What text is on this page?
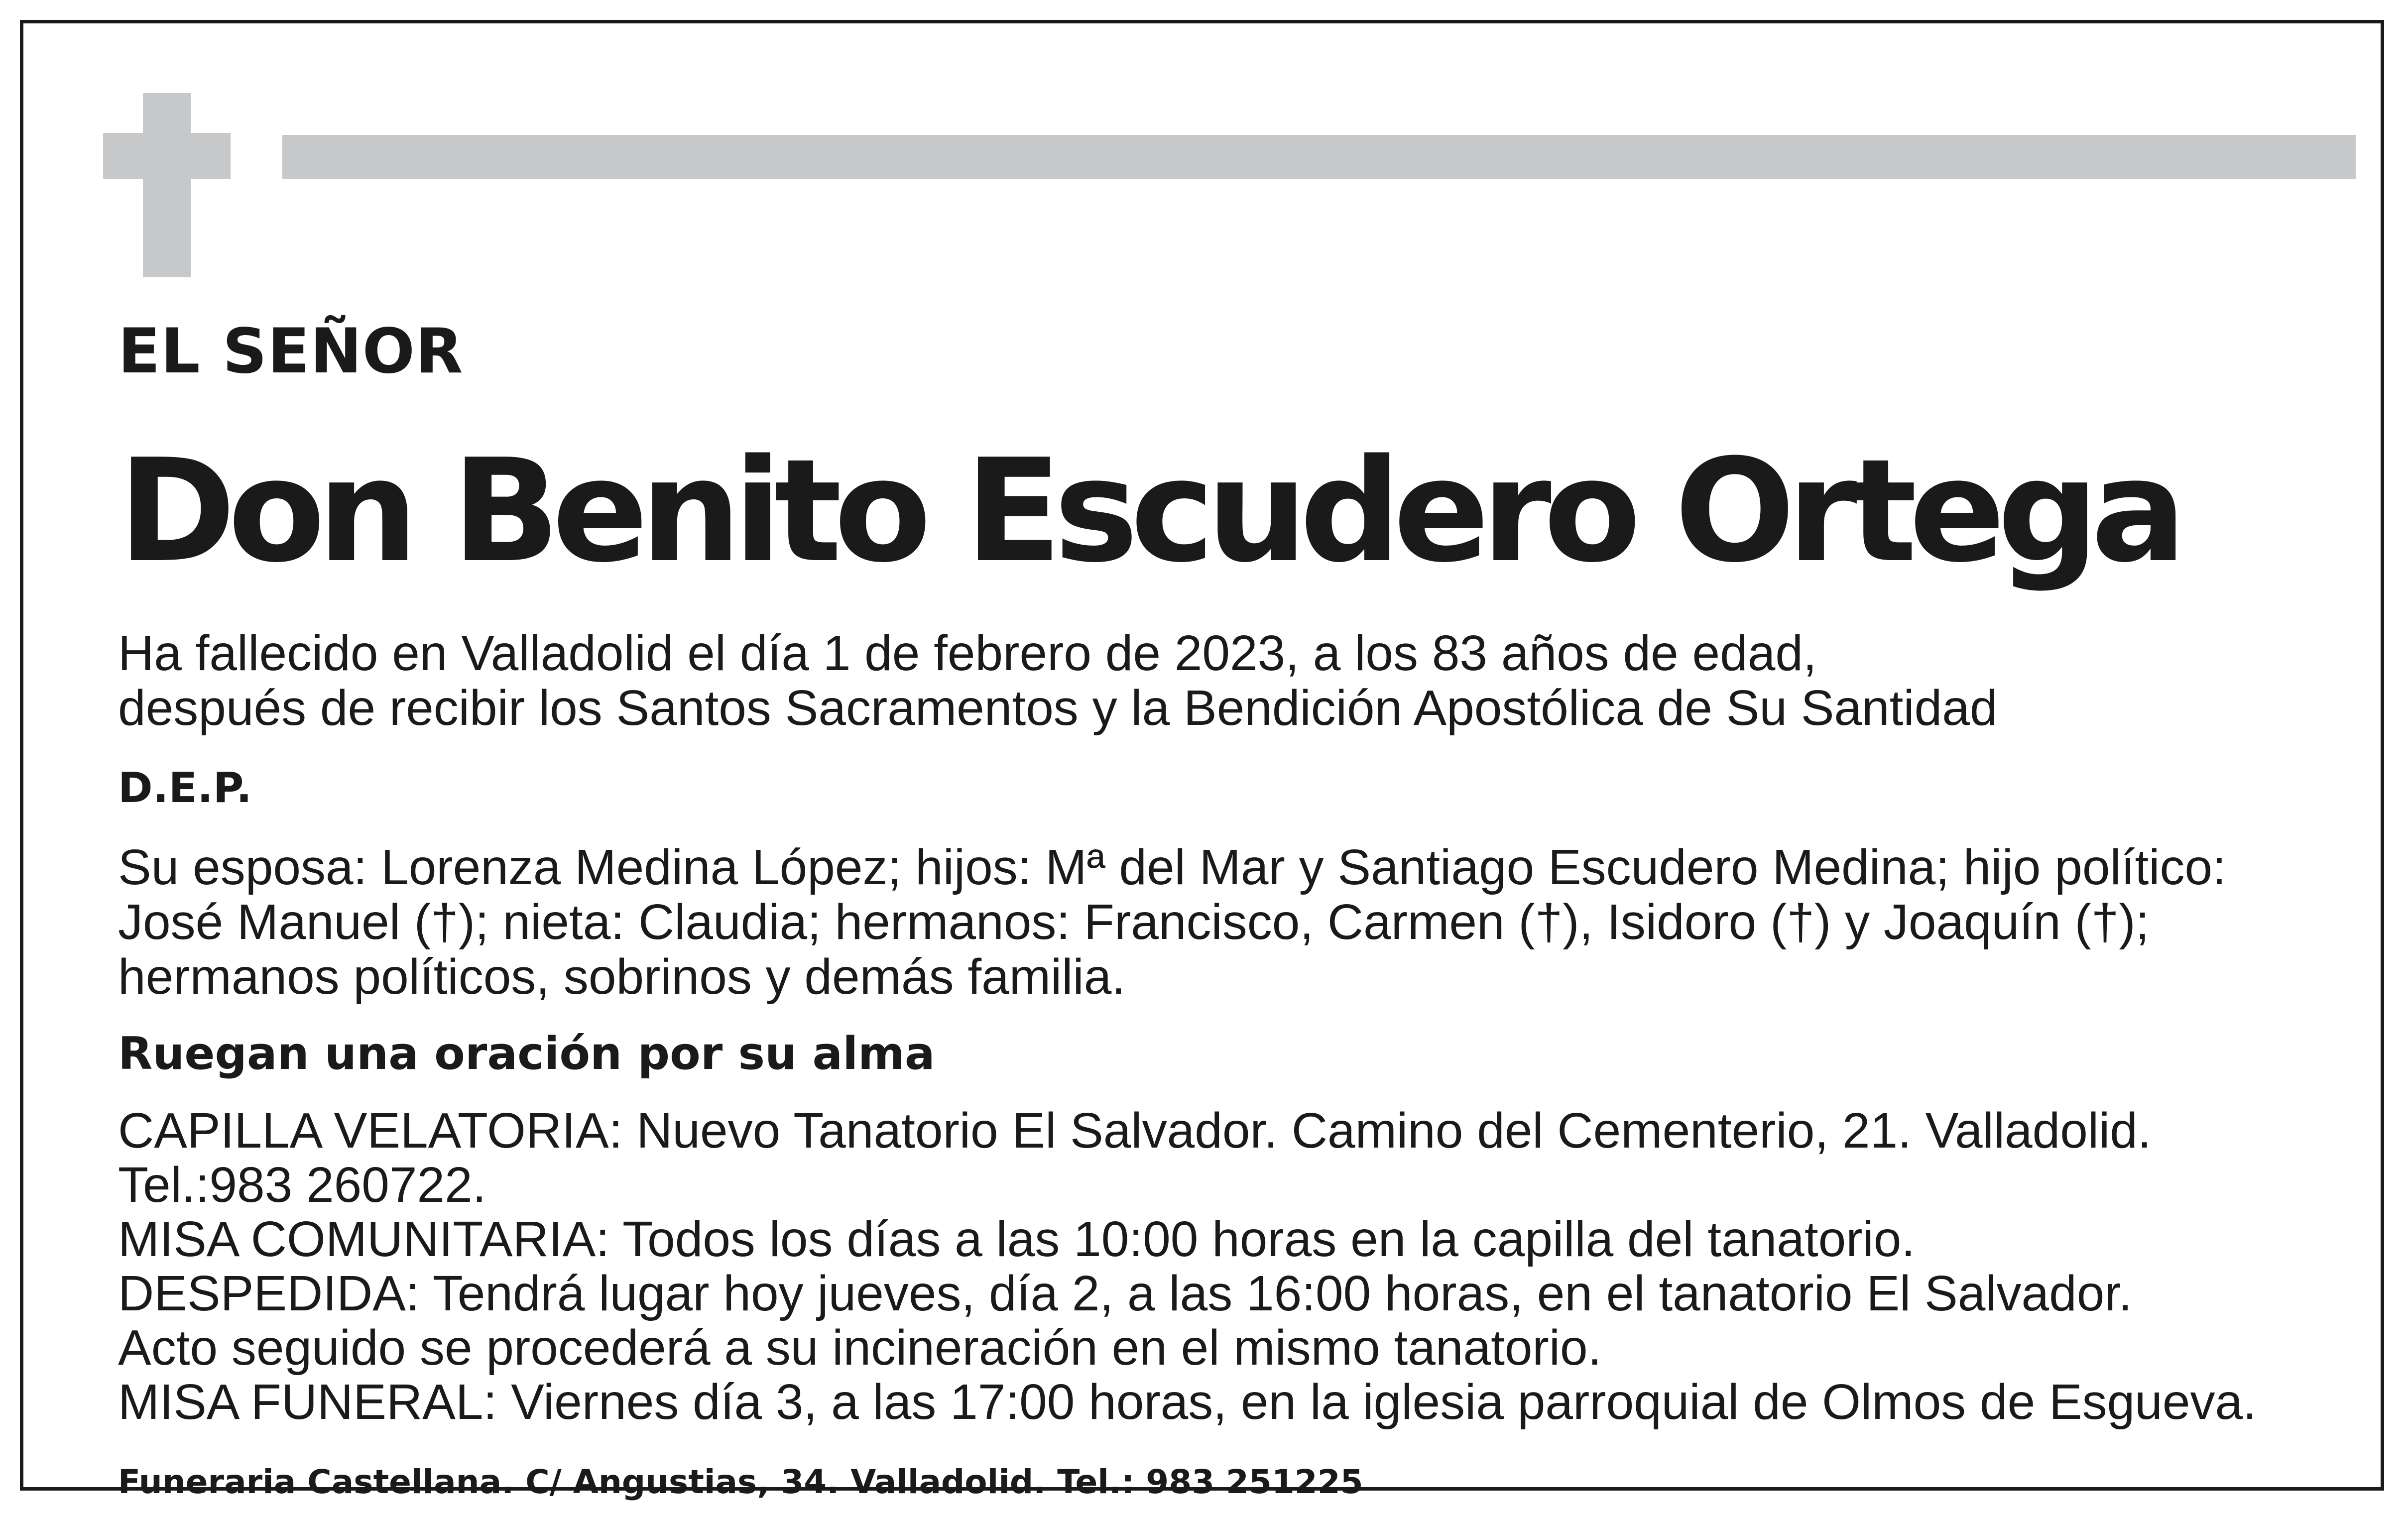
EL SEÑOR
Don Benito Escudero Ortega
Ha fallecido en Valladolid el día 1 de febrero de 2023, a los 83 años de edad,
después de recibir los Santos Sacramentos y la Bendición Apostólica de Su Santidad
D.E.P.
Su esposa: Lorenza Medina López; hijos: Mª del Mar y Santiago Escudero Medina; hijo político:
José Manuel (†); nieta: Claudia; hermanos: Francisco, Carmen (†), Isidoro (†) y Joaquín (†);
hermanos políticos, sobrinos y demás familia.
Ruegan una oración por su alma
CAPILLA VELATORIA: Nuevo Tanatorio El Salvador. Camino del Cementerio, 21. Valladolid.
Tel.:983 260722.
MISA COMUNITARIA: Todos los días a las 10:00 horas en la capilla del tanatorio.
DESPEDIDA: Tendrá lugar hoy jueves, día 2, a las 16:00 horas, en el tanatorio El Salvador.
Acto seguido se procederá a su incineración en el mismo tanatorio.
MISA FUNERAL: Viernes día 3, a las 17:00 horas, en la iglesia parroquial de Olmos de Esgueva.
Funeraria Castellana. C/ Angustias, 34. Valladolid. Tel.: 983 251225
